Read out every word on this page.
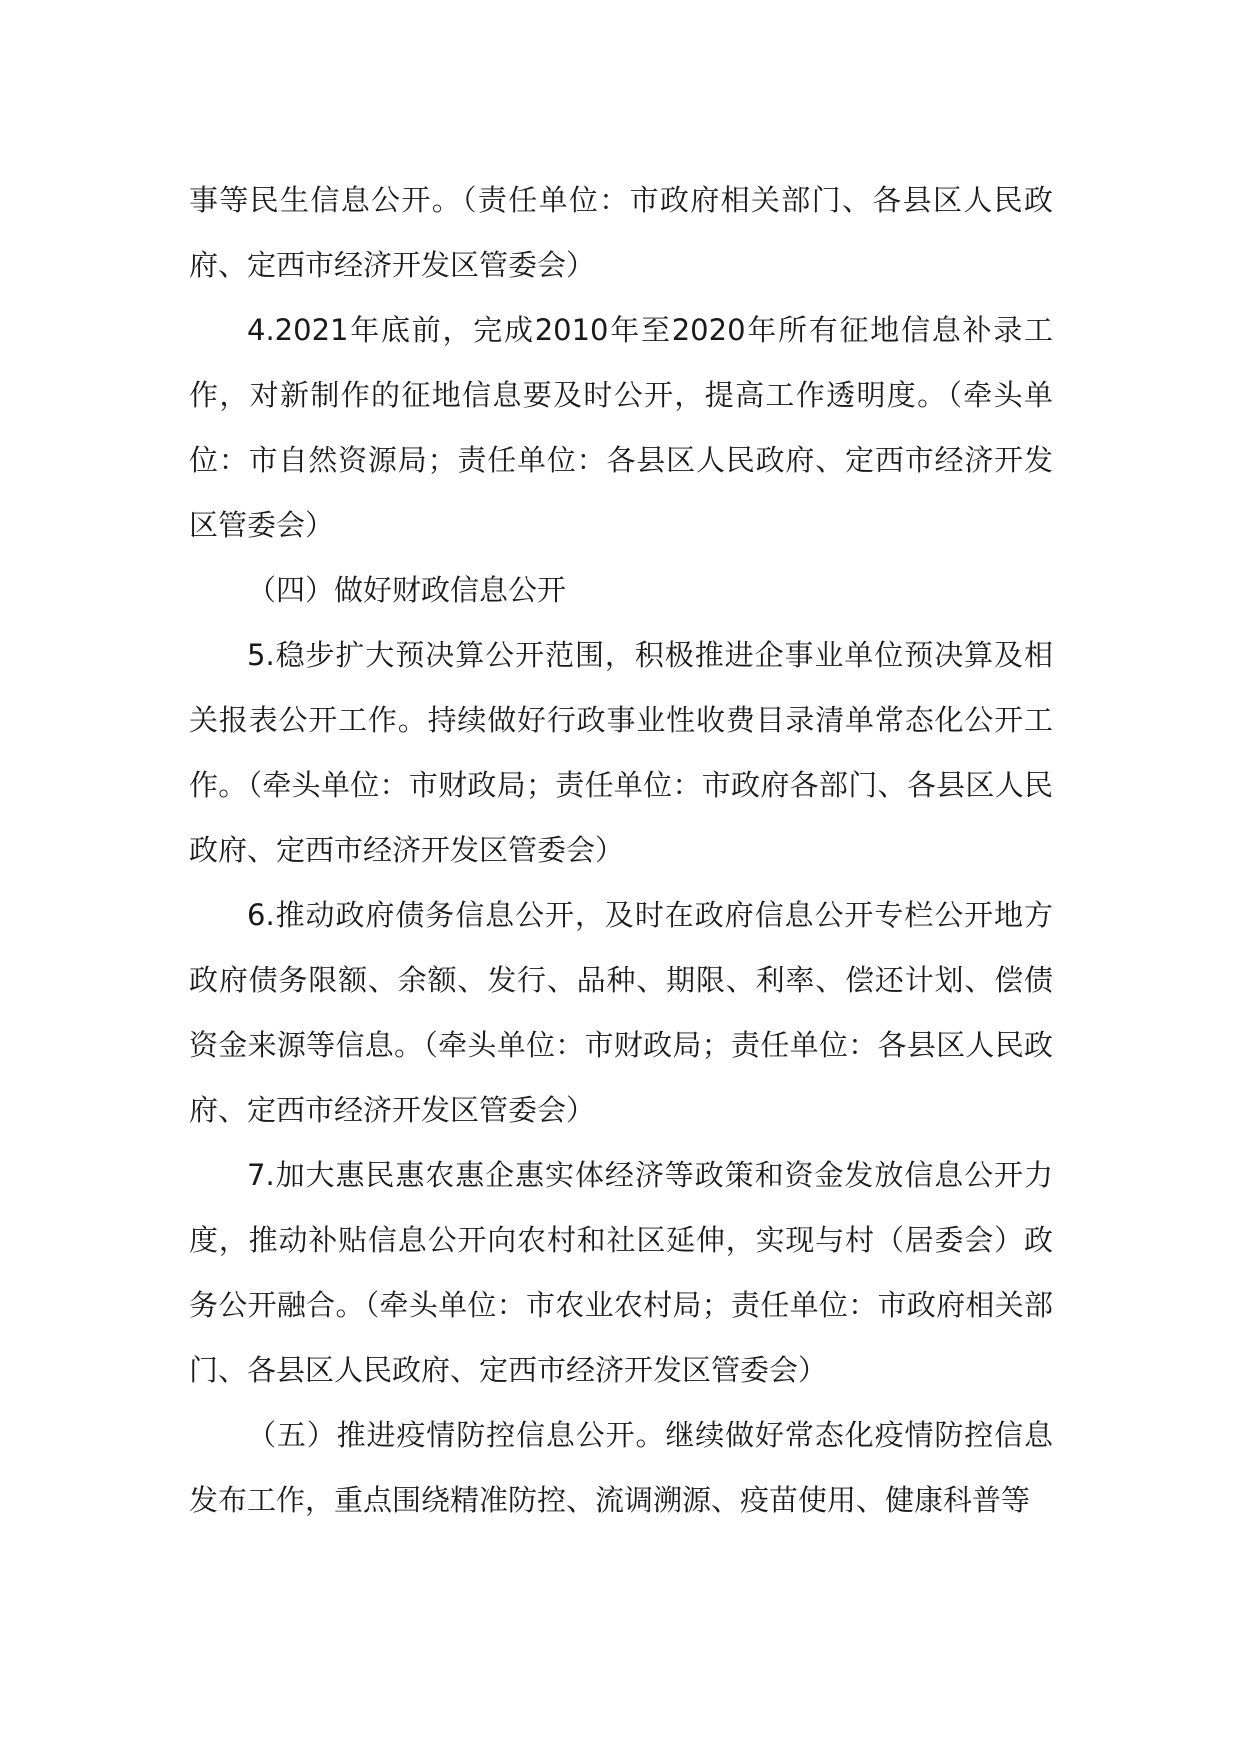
事等民生信息公开。（责任单位：市政府相关部门、各县区人民政府、定西市经济开发区管委会）

4.2021年底前，完成2010年至2020年所有征地信息补录工作，对新制作的征地信息要及时公开，提高工作透明度。（牵头单位：市自然资源局；责任单位：各县区人民政府、定西市经济开发区管委会）

（四）做好财政信息公开

5.稳步扩大预决算公开范围，积极推进企事业单位预决算及相关报表公开工作。持续做好行政事业性收费目录清单常态化公开工作。（牵头单位：市财政局；责任单位：市政府各部门、各县区人民政府、定西市经济开发区管委会）

6.推动政府债务信息公开，及时在政府信息公开专栏公开地方政府债务限额、余额、发行、品种、期限、利率、偿还计划、偿债资金来源等信息。（牵头单位：市财政局；责任单位：各县区人民政府、定西市经济开发区管委会）

7.加大惠民惠农惠企惠实体经济等政策和资金发放信息公开力度，推动补贴信息公开向农村和社区延伸，实现与村（居委会）政务公开融合。（牵头单位：市农业农村局；责任单位：市政府相关部门、各县区人民政府、定西市经济开发区管委会）

（五）推进疫情防控信息公开。继续做好常态化疫情防控信息发布工作，重点围绕精准防控、流调溯源、疫苗使用、健康科普等
